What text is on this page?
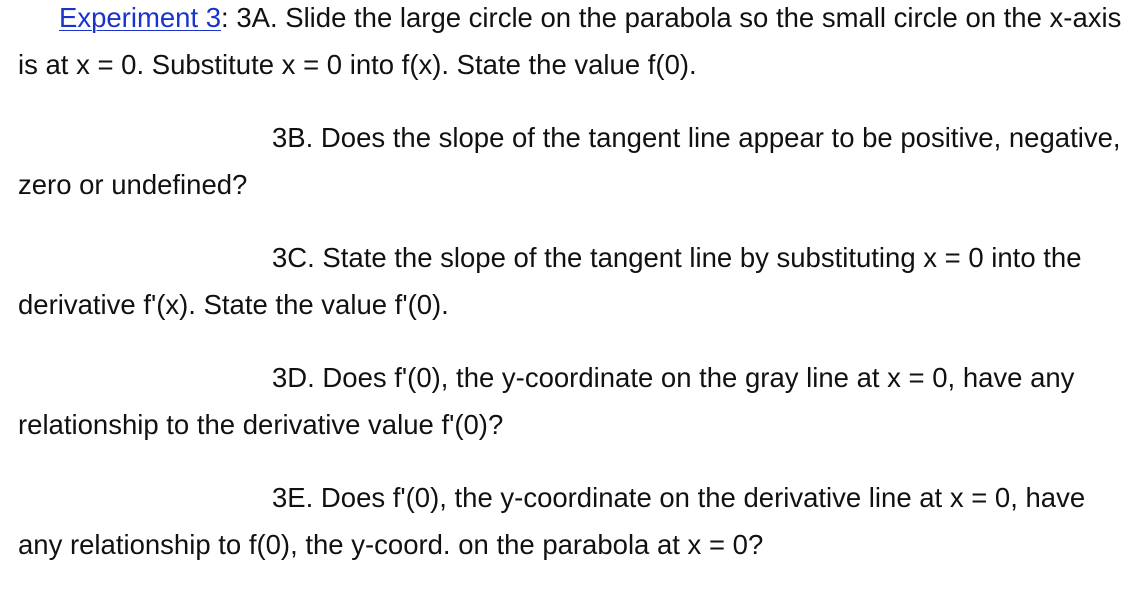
Experiment 3: 3A. Slide the large circle on the parabola so the small circle on the x-axis is at x = 0. Substitute x = 0 into f(x). State the value f(0).

3B. Does the slope of the tangent line appear to be positive, negative, zero or undefined?

3C. State the slope of the tangent line by substituting x = 0 into the derivative f'(x). State the value f'(0).

3D. Does f'(0), the y-coordinate on the gray line at x = 0, have any relationship to the derivative value f'(0)?

3E. Does f'(0), the y-coordinate on the derivative line at x = 0, have any relationship to f(0), the y-coord. on the parabola at x = 0?
